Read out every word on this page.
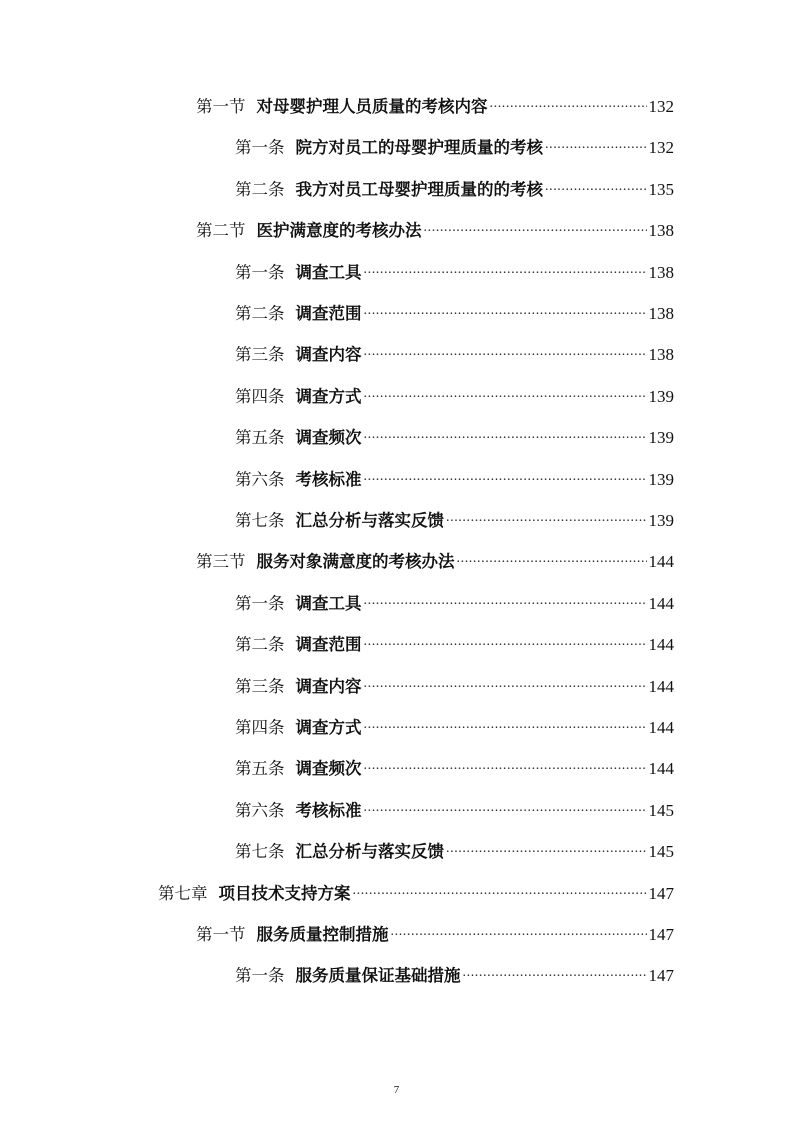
第一节 对母婴护理人员质量的考核内容 .....	132
第一条 院方对员工的母婴护理质量的考核 .....	132
第二条 我方对员工母婴护理质量的的考核 .....	135
第二节 医护满意度的考核办法 .....	138
第一条 调查工具 .....	138
第二条 调查范围 .....	138
第三条 调查内容 .....	138
第四条 调查方式 .....	139
第五条 调查频次 .....	139
第六条 考核标准 .....	139
第七条 汇总分析与落实反馈 .....	139
第三节 服务对象满意度的考核办法 .....	144
第一条 调查工具 .....	144
第二条 调查范围 .....	144
第三条 调查内容 .....	144
第四条 调查方式 .....	144
第五条 调查频次 .....	144
第六条 考核标准 .....	145
第七条 汇总分析与落实反馈 .....	145
第七章 项目技术支持方案 .....	147
第一节 服务质量控制措施 .....	147
第一条 服务质量保证基础措施 .....	147
7
